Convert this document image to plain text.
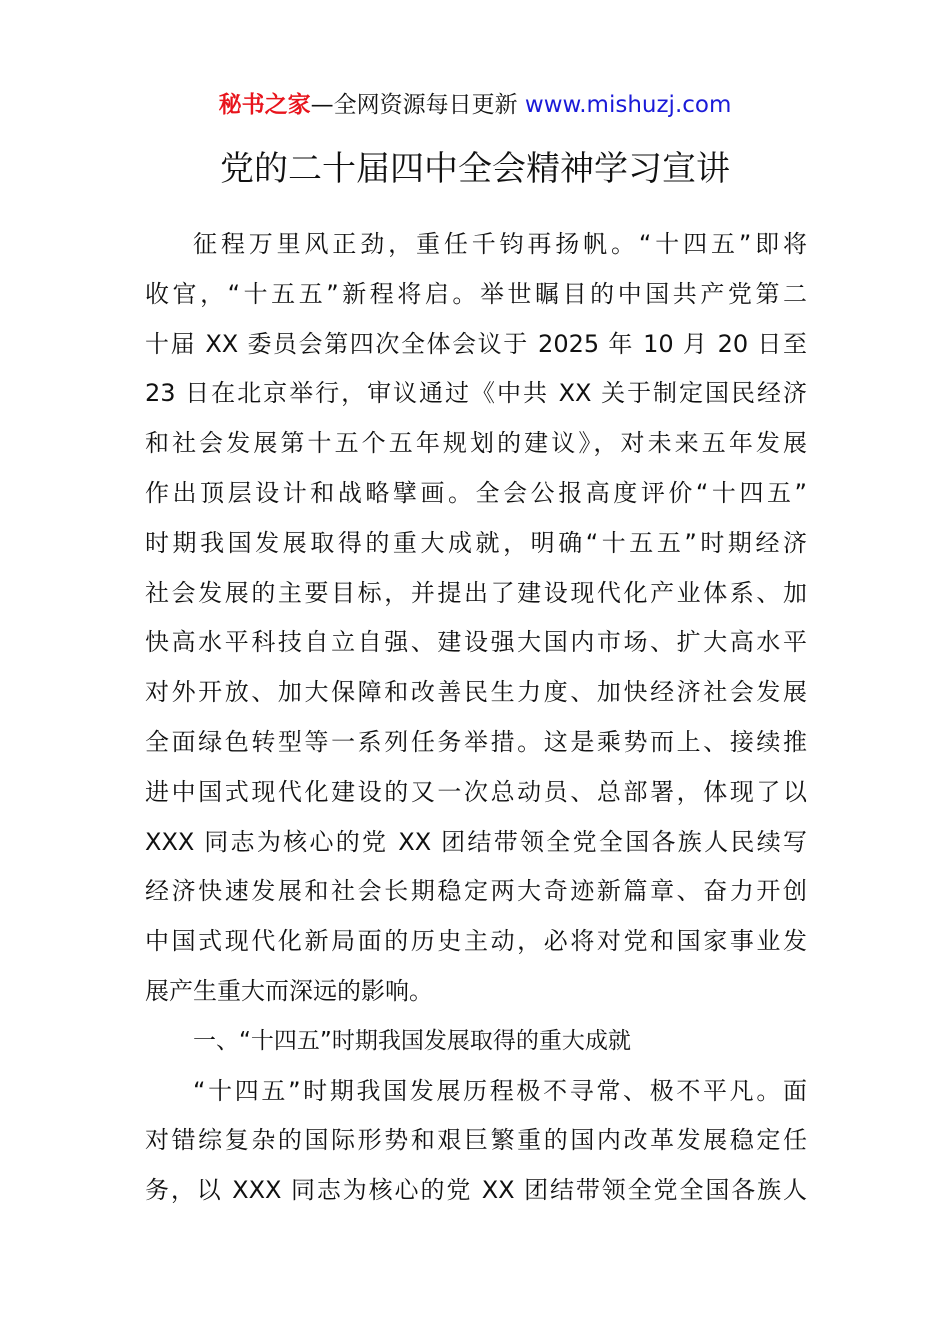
秘书之家—全网资源每日更新 www.mishuzj.com
党的二十届四中全会精神学习宣讲
征程万里风正劲，重任千钧再扬帆。“十四五”即将
收官，“十五五”新程将启。举世瞩目的中国共产党第二
十届 XX 委员会第四次全体会议于 2025 年 10 月 20 日至
23 日在北京举行，审议通过《中共 XX 关于制定国民经济
和社会发展第十五个五年规划的建议》，对未来五年发展
作出顶层设计和战略擘画。全会公报高度评价“十四五”
时期我国发展取得的重大成就，明确“十五五”时期经济
社会发展的主要目标，并提出了建设现代化产业体系、加
快高水平科技自立自强、建设强大国内市场、扩大高水平
对外开放、加大保障和改善民生力度、加快经济社会发展
全面绿色转型等一系列任务举措。这是乘势而上、接续推
进中国式现代化建设的又一次总动员、总部署，体现了以
XXX 同志为核心的党 XX 团结带领全党全国各族人民续写
经济快速发展和社会长期稳定两大奇迹新篇章、奋力开创
中国式现代化新局面的历史主动，必将对党和国家事业发
展产生重大而深远的影响。
一、“十四五”时期我国发展取得的重大成就
“十四五”时期我国发展历程极不寻常、极不平凡。面
对错综复杂的国际形势和艰巨繁重的国内改革发展稳定任
务，以 XXX 同志为核心的党 XX 团结带领全党全国各族人
